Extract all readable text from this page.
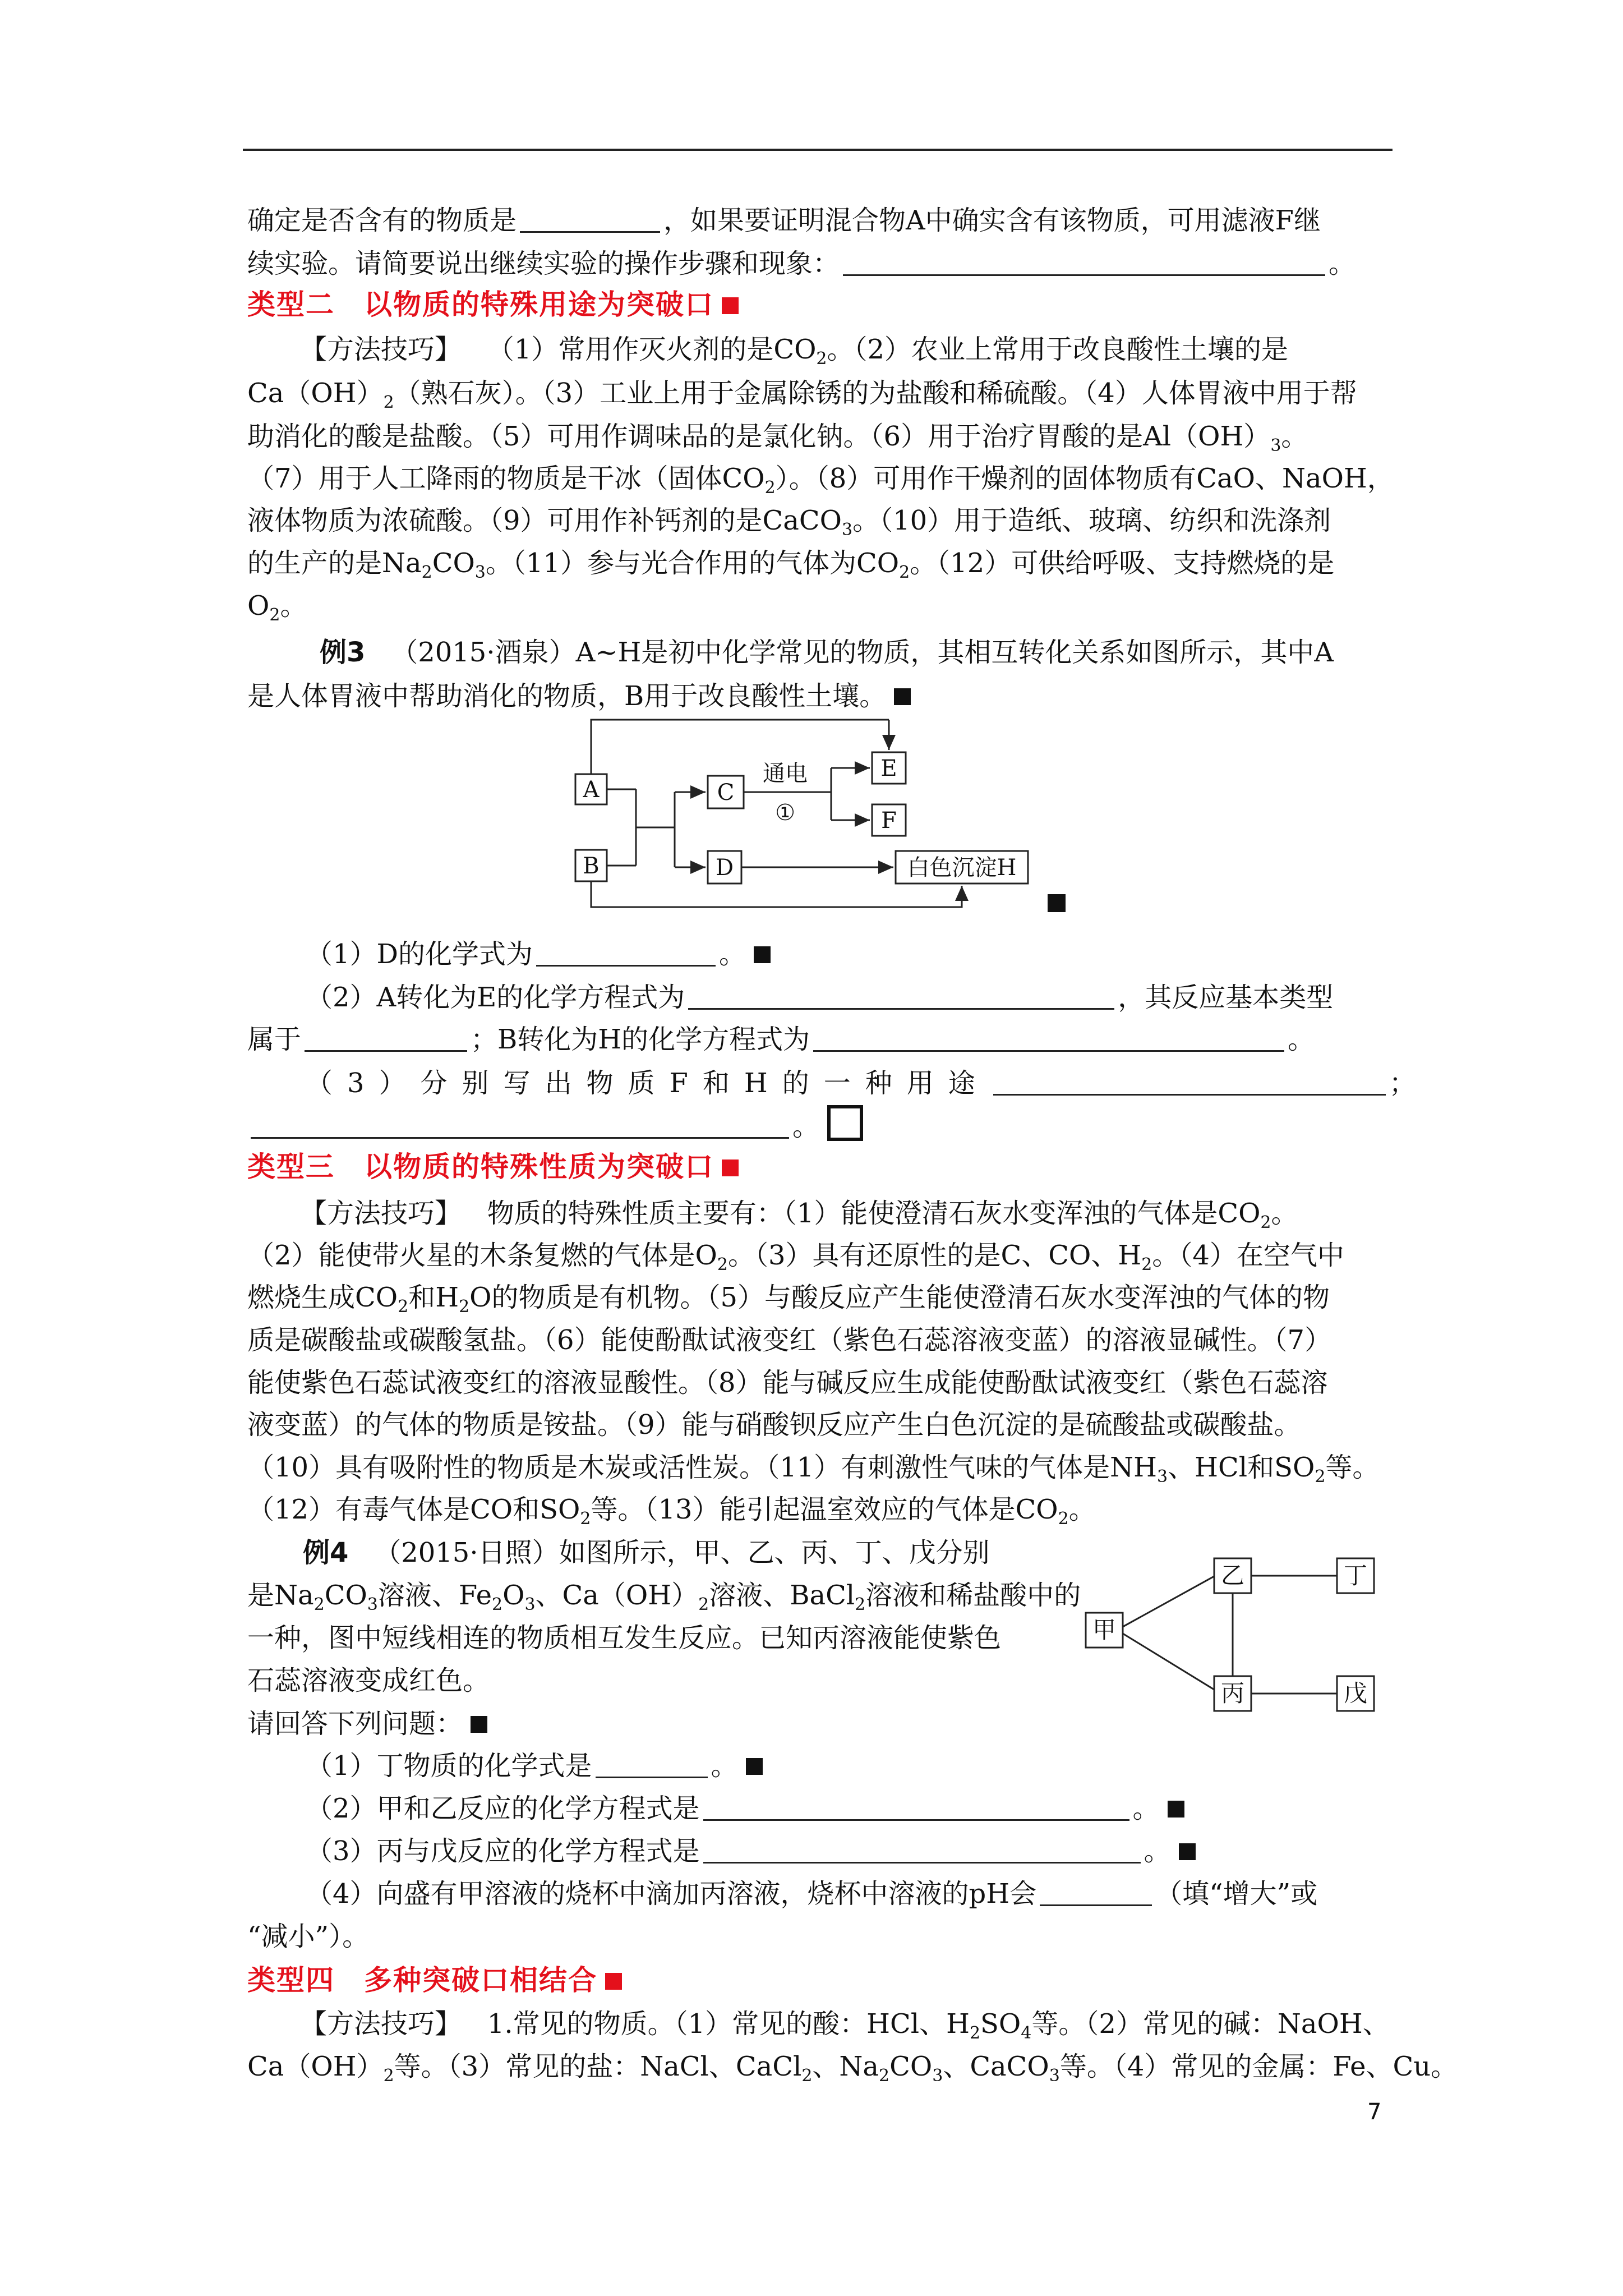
确定是否含有的物质是	，如果要证明混合物A中确实含有该物质，可用滤液F继
续实验。请简要说出继续实验的操作步骤和现象：	。
类型二　以物质的特殊用途为突破口
【方法技巧】 （1）常用作灭火剂的是$CO_2$。（2）农业上常用于改良酸性土壤的是
$Ca(OH)_2$（熟石灰）。（3）工业上用于金属除锈的为盐酸和稀硫酸。（4）人体胃液中用于帮
助消化的酸是盐酸。（5）可用作调味品的是氯化钠。（6）用于治疗胃酸的是$Al(OH)_3$。
（7）用于人工降雨的物质是干冰（固体$CO_2$）。（8）可用作干燥剂的固体物质有CaO、NaOH，
液体物质为浓硫酸。（9）可用作补钙剂的是CaCO$_3$。（10）用于造纸、玻璃、纺织和洗涤剂
的生产的是$Na_2CO_3$。（11）参与光合作用的气体为$CO_2$。（12）可供给呼吸、支持燃烧的是
$O_2$。
例3 （2015·酒泉）A~H是初中化学常见的物质，其相互转化关系如图所示，其中A
是人体胃液中帮助消化的物质，B用于改良酸性土壤。
A
B
C
D
E
F
白色沉淀H
通电
①
（1）D的化学式为	。
（2）A转化为E的化学方程式为	，其反应基本类型
属于	；B转化为H的化学方程式为	。
（3）分别写出物质F和H的一种用途	；
。
类型三　以物质的特殊性质为突破口
【方法技巧】 物质的特殊性质主要有：（1）能使澄清石灰水变浑浊的气体是$CO_2$。
（2）能使带火星的木条复燃的气体是$O_2$。（3）具有还原性的是C、CO、$H_2$。（4）在空气中
燃烧生成$CO_2$和$H_2O$的物质是有机物。（5）与酸反应产生能使澄清石灰水变浑浊的气体的物
质是碳酸盐或碳酸氢盐。（6）能使酚酞试液变红（紫色石蕊溶液变蓝）的溶液显碱性。（7）
能使紫色石蕊试液变红的溶液显酸性。（8）能与碱反应生成能使酚酞试液变红（紫色石蕊溶
液变蓝）的气体的物质是铵盐。（9）能与硝酸钡反应产生白色沉淀的是硫酸盐或碳酸盐。
（10）具有吸附性的物质是木炭或活性炭。（11）有刺激性气味的气体是$NH_3$、HCl和$SO_2$等。
（12）有毒气体是CO和$SO_2$等。（13）能引起温室效应的气体是$CO_2$。
例4 （2015·日照）如图所示，甲、乙、丙、丁、戊分别
是$Na_2CO_3$溶液、$Fe_2O_3$、$Ca(OH)_2$溶液、BaCl$_2$溶液和稀盐酸中的
一种，图中短线相连的物质相互发生反应。已知丙溶液能使紫色
石蕊溶液变成红色。
请回答下列问题：
甲
乙
丙
丁
戊
（1）丁物质的化学式是	。
（2）甲和乙反应的化学方程式是	。
（3）丙与戊反应的化学方程式是	。
（4）向盛有甲溶液的烧杯中滴加丙溶液，烧杯中溶液的pH会	（填“增大”或
“减小”）。
类型四　多种突破口相结合
【方法技巧】 1.常见的物质。（1）常见的酸：HCl、$H_2SO_4$等。（2）常见的碱：NaOH、
$Ca(OH)_2$等。（3）常见的盐：NaCl、CaCl$_2$、$Na_2CO_3$、CaCO$_3$等。（4）常见的金属：Fe、Cu。
7
